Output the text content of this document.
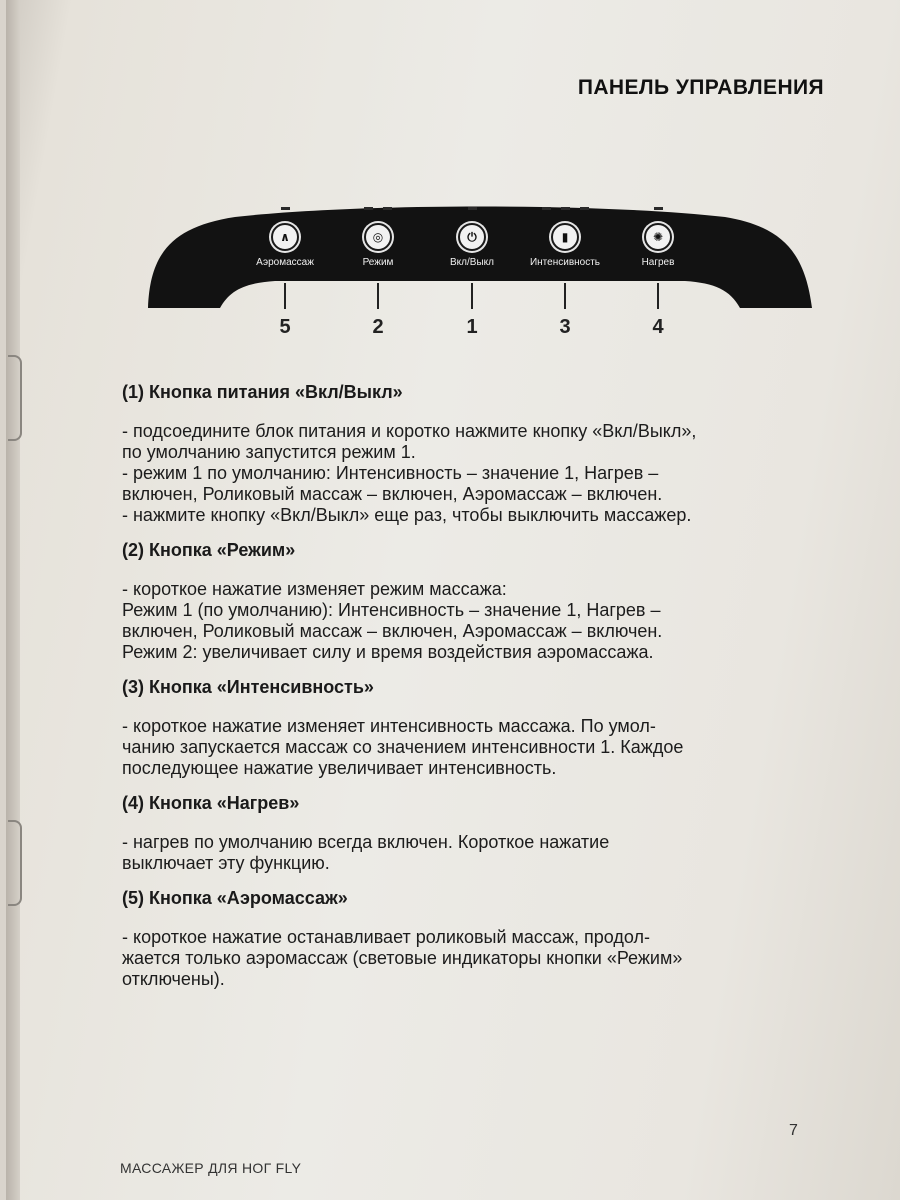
ПАНЕЛЬ УПРАВЛЕНИЯ
∧
Аэромассаж
◎
Режим
⏻
Вкл/Выкл
▮
Интенсивность
✺
Нагрев
5	2	1	3	4
(1) Кнопка питания «Вкл/Выкл»

- подсоедините блок питания и коротко нажмите кнопку «Вкл/Выкл»,

по умолчанию запустится режим 1.

- режим 1 по умолчанию: Интенсивность – значение 1, Нагрев –

включен, Роликовый массаж – включен, Аэромассаж – включен.

- нажмите кнопку «Вкл/Выкл» еще раз, чтобы выключить массажер.

(2) Кнопка «Режим»

- короткое нажатие изменяет режим массажа:

Режим 1 (по умолчанию): Интенсивность – значение 1, Нагрев –

включен, Роликовый массаж – включен, Аэромассаж – включен.

Режим 2: увеличивает силу и время воздействия аэромассажа.

(3) Кнопка «Интенсивность»

- короткое нажатие изменяет интенсивность массажа. По умол-

чанию запускается массаж со значением интенсивности 1. Каждое

последующее нажатие увеличивает интенсивность.

(4) Кнопка «Нагрев»

- нагрев по умолчанию всегда включен. Короткое нажатие

выключает эту функцию.

(5) Кнопка «Аэромассаж»

- короткое нажатие останавливает роликовый массаж, продол-

жается только аэромассаж (световые индикаторы кнопки «Режим»

отключены).

7
МАССАЖЕР ДЛЯ НОГ FLY
